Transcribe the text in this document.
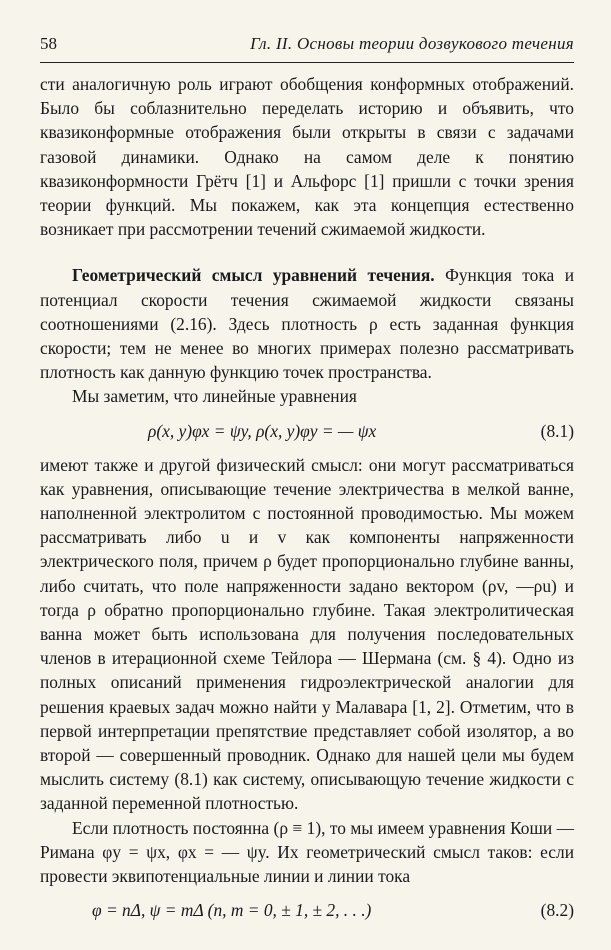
58	Гл. II. Основы теории дозвукового течения

сти аналогичную роль играют обобщения конформных отображений. Было бы соблазнительно переделать историю и объявить, что квазиконформные отображения были открыты в связи с задачами газовой динамики. Однако на самом деле к понятию квазиконформности Грётч [1] и Альфорс [1] пришли с точки зрения теории функций. Мы покажем, как эта концепция естественно возникает при рассмотрении течений сжимаемой жидкости.

Геометрический смысл уравнений течения. Функция тока и потенциал скорости течения сжимаемой жидкости связаны соотношениями (2.16). Здесь плотность ρ есть заданная функция скорости; тем не менее во многих примерах полезно рассматривать плотность как данную функцию точек пространства.

Мы заметим, что линейные уравнения

ρ(x, y)φx = ψy, ρ(x, y)φy = — ψx	(8.1)

имеют также и другой физический смысл: они могут рассматриваться как уравнения, описывающие течение электричества в мелкой ванне, наполненной электролитом с постоянной проводимостью. Мы можем рассматривать либо u и v как компоненты напряженности электрического поля, причем ρ будет пропорционально глубине ванны, либо считать, что поле напряженности задано вектором (ρv, —ρu) и тогда ρ обратно пропорционально глубине. Такая электролитическая ванна может быть использована для получения последовательных членов в итерационной схеме Тейлора — Шермана (см. § 4). Одно из полных описаний применения гидроэлектрической аналогии для решения краевых задач можно найти у Малавара [1, 2]. Отметим, что в первой интерпретации препятствие представляет собой изолятор, а во второй — совершенный проводник. Однако для нашей цели мы будем мыслить систему (8.1) как систему, описывающую течение жидкости с заданной переменной плотностью.

Если плотность постоянна (ρ ≡ 1), то мы имеем уравнения Коши — Римана φy = ψx, φx = — ψy. Их геометрический смысл таков: если провести эквипотенциальные линии и линии тока

φ = nΔ, ψ = mΔ (n, m = 0, ± 1, ± 2, . . .)	(8.2)
